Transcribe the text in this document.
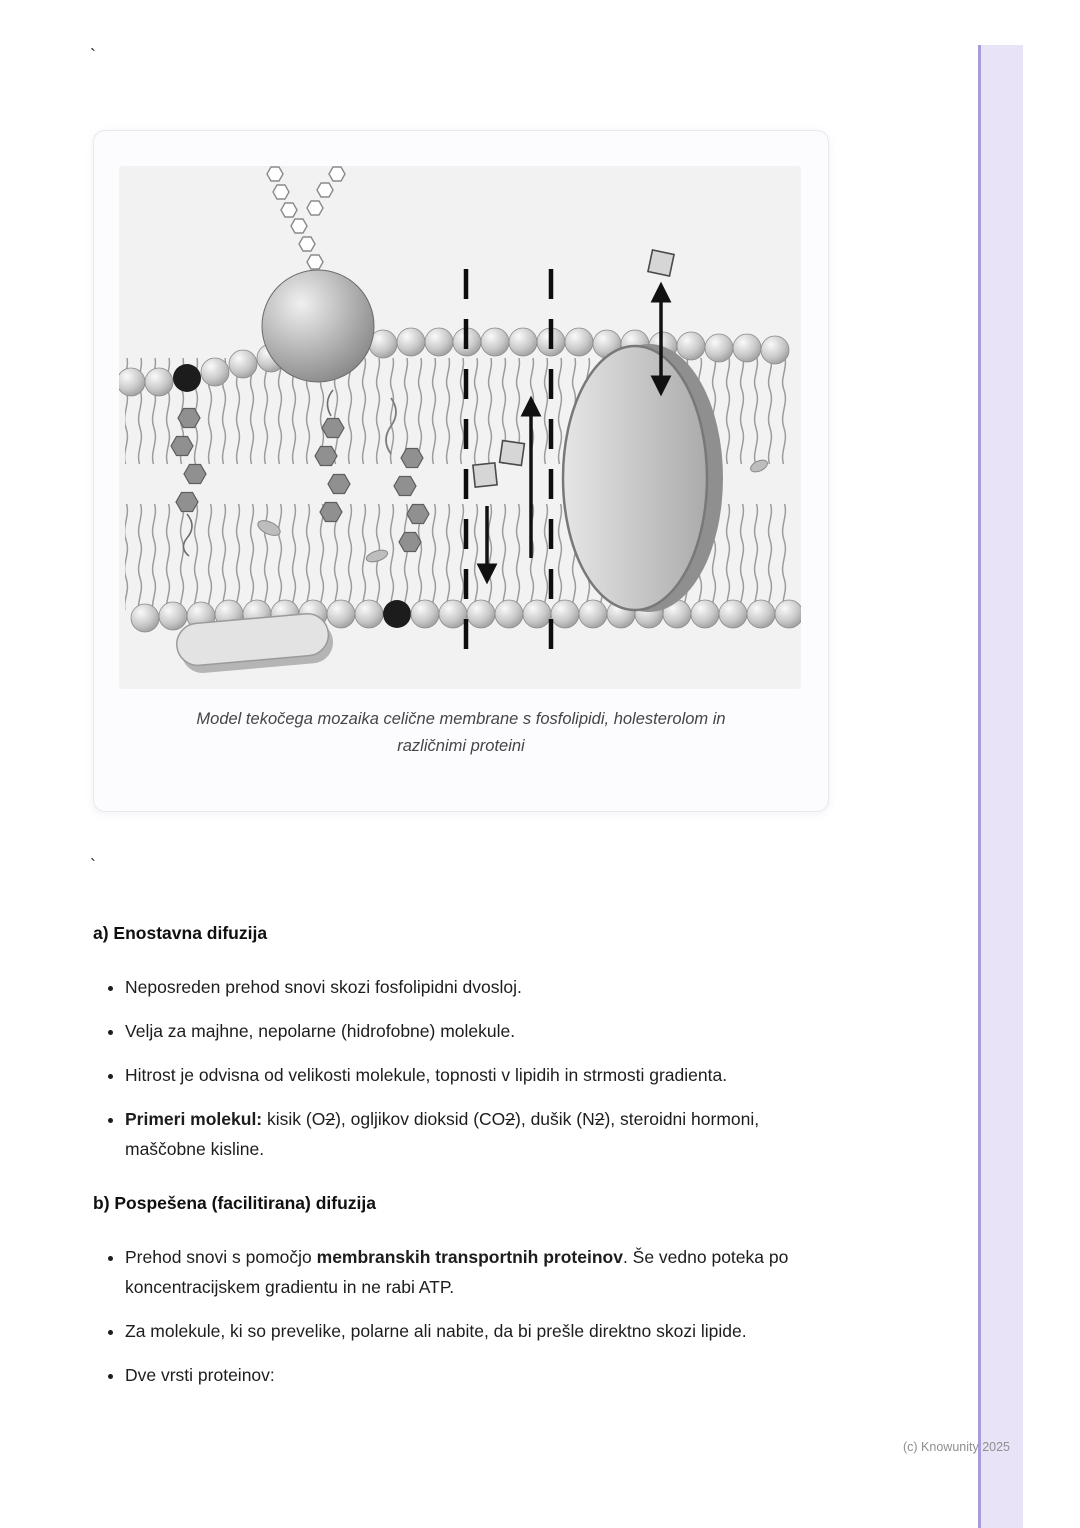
`
`
Model tekočega mozaika celične membrane s fosfolipidi, holesterolom in
različnimi proteini
a) Enostavna difuzija
• Neposreden prehod snovi skozi fosfolipidni dvosloj.
• Velja za majhne, nepolarne (hidrofobne) molekule.
• Hitrost je odvisna od velikosti molekule, topnosti v lipidih in strmosti gradienta.
• Primeri molekul: kisik (O2), ogljikov dioksid (CO2), dušik (N2), steroidni hormoni, maščobne kisline.
b) Pospešena (facilitirana) difuzija
• Prehod snovi s pomočjo membranskih transportnih proteinov. Še vedno poteka po koncentracijskem gradientu in ne rabi ATP.
• Za molekule, ki so prevelike, polarne ali nabite, da bi prešle direktno skozi lipide.
• Dve vrsti proteinov:
(c) Knowunity 2025
